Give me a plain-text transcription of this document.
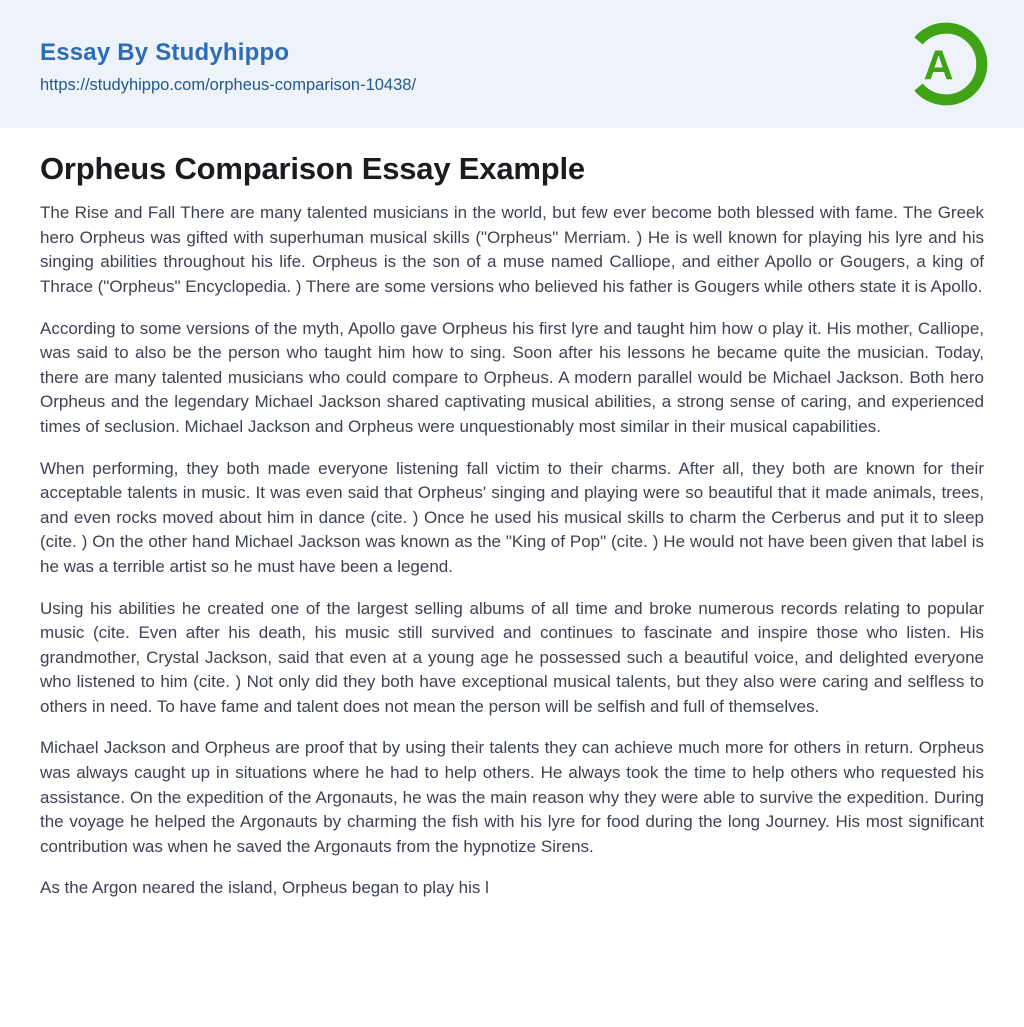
Essay By Studyhippo
https://studyhippo.com/orpheus-comparison-10438/	A
Orpheus Comparison Essay Example

The Rise and Fall There are many talented musicians in the world, but few ever become both blessed with fame. The Greek hero Orpheus was gifted with superhuman musical skills ("Orpheus" Merriam. ) He is well known for playing his lyre and his singing abilities throughout his life. Orpheus is the son of a muse named Calliope, and either Apollo or Gougers, a king of Thrace ("Orpheus" Encyclopedia. ) There are some versions who believed his father is Gougers while others state it is Apollo.

According to some versions of the myth, Apollo gave Orpheus his first lyre and taught him how o play it. His mother, Calliope, was said to also be the person who taught him how to sing. Soon after his lessons he became quite the musician. Today, there are many talented musicians who could compare to Orpheus. A modern parallel would be Michael Jackson. Both hero Orpheus and the legendary Michael Jackson shared captivating musical abilities, a strong sense of caring, and experienced times of seclusion. Michael Jackson and Orpheus were unquestionably most similar in their musical capabilities.

When performing, they both made everyone listening fall victim to their charms. After all, they both are known for their acceptable talents in music. It was even said that Orpheus' singing and playing were so beautiful that it made animals, trees, and even rocks moved about him in dance (cite. ) Once he used his musical skills to charm the Cerberus and put it to sleep (cite. ) On the other hand Michael Jackson was known as the "King of Pop" (cite. ) He would not have been given that label is he was a terrible artist so he must have been a legend.

Using his abilities he created one of the largest selling albums of all time and broke numerous records relating to popular music (cite. Even after his death, his music still survived and continues to fascinate and inspire those who listen. His grandmother, Crystal Jackson, said that even at a young age he possessed such a beautiful voice, and delighted everyone who listened to him (cite. ) Not only did they both have exceptional musical talents, but they also were caring and selfless to others in need. To have fame and talent does not mean the person will be selfish and full of themselves.

Michael Jackson and Orpheus are proof that by using their talents they can achieve much more for others in return. Orpheus was always caught up in situations where he had to help others. He always took the time to help others who requested his assistance. On the expedition of the Argonauts, he was the main reason why they were able to survive the expedition. During the voyage he helped the Argonauts by charming the fish with his lyre for food during the long Journey. His most significant contribution was when he saved the Argonauts from the hypnotize Sirens.

As the Argon neared the island, Orpheus began to play his l
